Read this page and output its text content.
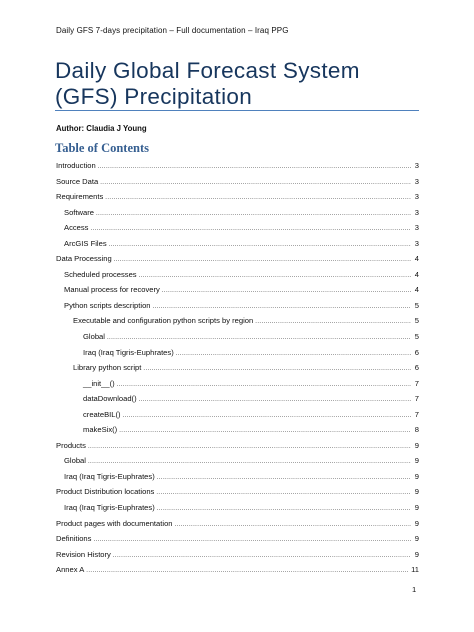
Daily GFS 7-days precipitation – Full documentation – Iraq PPG
Daily Global Forecast System (GFS) Precipitation
Author: Claudia J Young
Table of Contents
Introduction .....	3
Source Data .....	3
Requirements .....	3
Software .....	3
Access .....	3
ArcGIS Files .....	3
Data Processing .....	4
Scheduled processes .....	4
Manual process for recovery .....	4
Python scripts description .....	5
Executable and configuration python scripts by region .....	5
Global .....	5
Iraq (Iraq Tigris-Euphrates) .....	6
Library python script .....	6
__init__() .....	7
dataDownload() .....	7
createBIL() .....	7
makeSix() .....	8
Products .....	9
Global .....	9
Iraq (Iraq Tigris-Euphrates) .....	9
Product Distribution locations .....	9
Iraq (Iraq Tigris-Euphrates) .....	9
Product pages with documentation .....	9
Definitions .....	9
Revision History .....	9
Annex A .....	11
1
